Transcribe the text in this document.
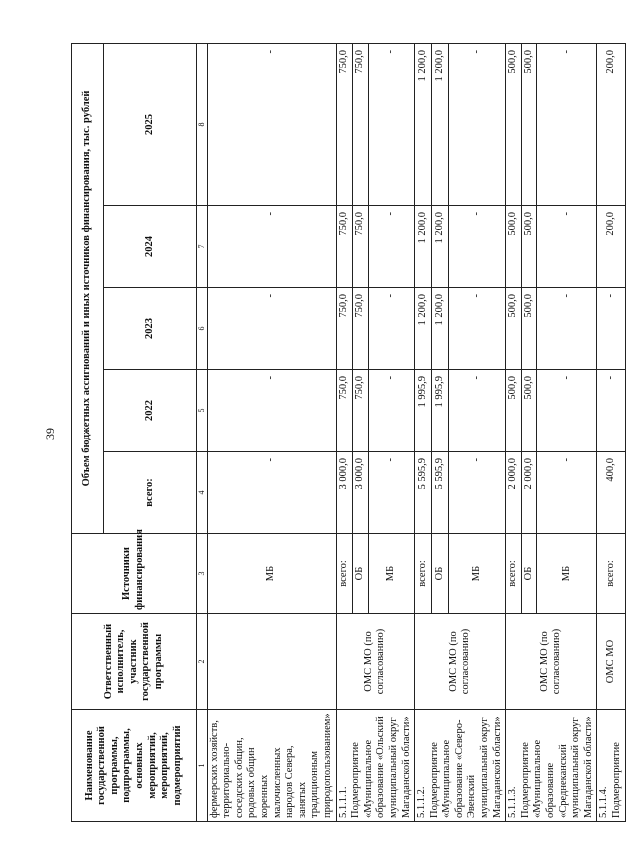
39
Наименование государственной программы, подпрограммы, основных мероприятий, мероприятий, подмероприятий	Ответственный исполнитель, участник государственной программы	Источники финансирования	Объем бюджетных ассигнований и иных источников финансирования, тыс. рублей				
			всего:	2022	2023	2024	2025
1	2	3	4	5	6	7	8
фермерских хозяйств, территориально-соседских общин, родовых общин коренных малочисленных народов Севера, занятых традиционным природопользованием»		МБ	-	-	-	-	-
5.1.1.1. Подмероприятие «Муниципальное образование «Ольский муниципальный округ Магаданской области»	ОМС МО (по согласованию)	всего:	3 000,0	750,0	750,0	750,0	750,0
		ОБ	3 000,0	750,0	750,0	750,0	750,0
		МБ	-	-	-	-	-
5.1.1.2. Подмероприятие «Муниципальное образование «Северо-Эвенский муниципальный округ Магаданской области»	ОМС МО (по согласованию)	всего:	5 595,9	1 995,9	1 200,0	1 200,0	1 200,0
		ОБ	5 595,9	1 995,9	1 200,0	1 200,0	1 200,0
		МБ	-	-	-	-	-
5.1.1.3. Подмероприятие «Муниципальное образование «Среднеканский муниципальный округ Магаданской области»	ОМС МО (по согласованию)	всего:	2 000,0	500,0	500,0	500,0	500,0
		ОБ	2 000,0	500,0	500,0	500,0	500,0
		МБ	-	-	-	-	-
5.1.1.4. Подмероприятие	ОМС МО	всего:	400,0	-	-	200,0	200,0
